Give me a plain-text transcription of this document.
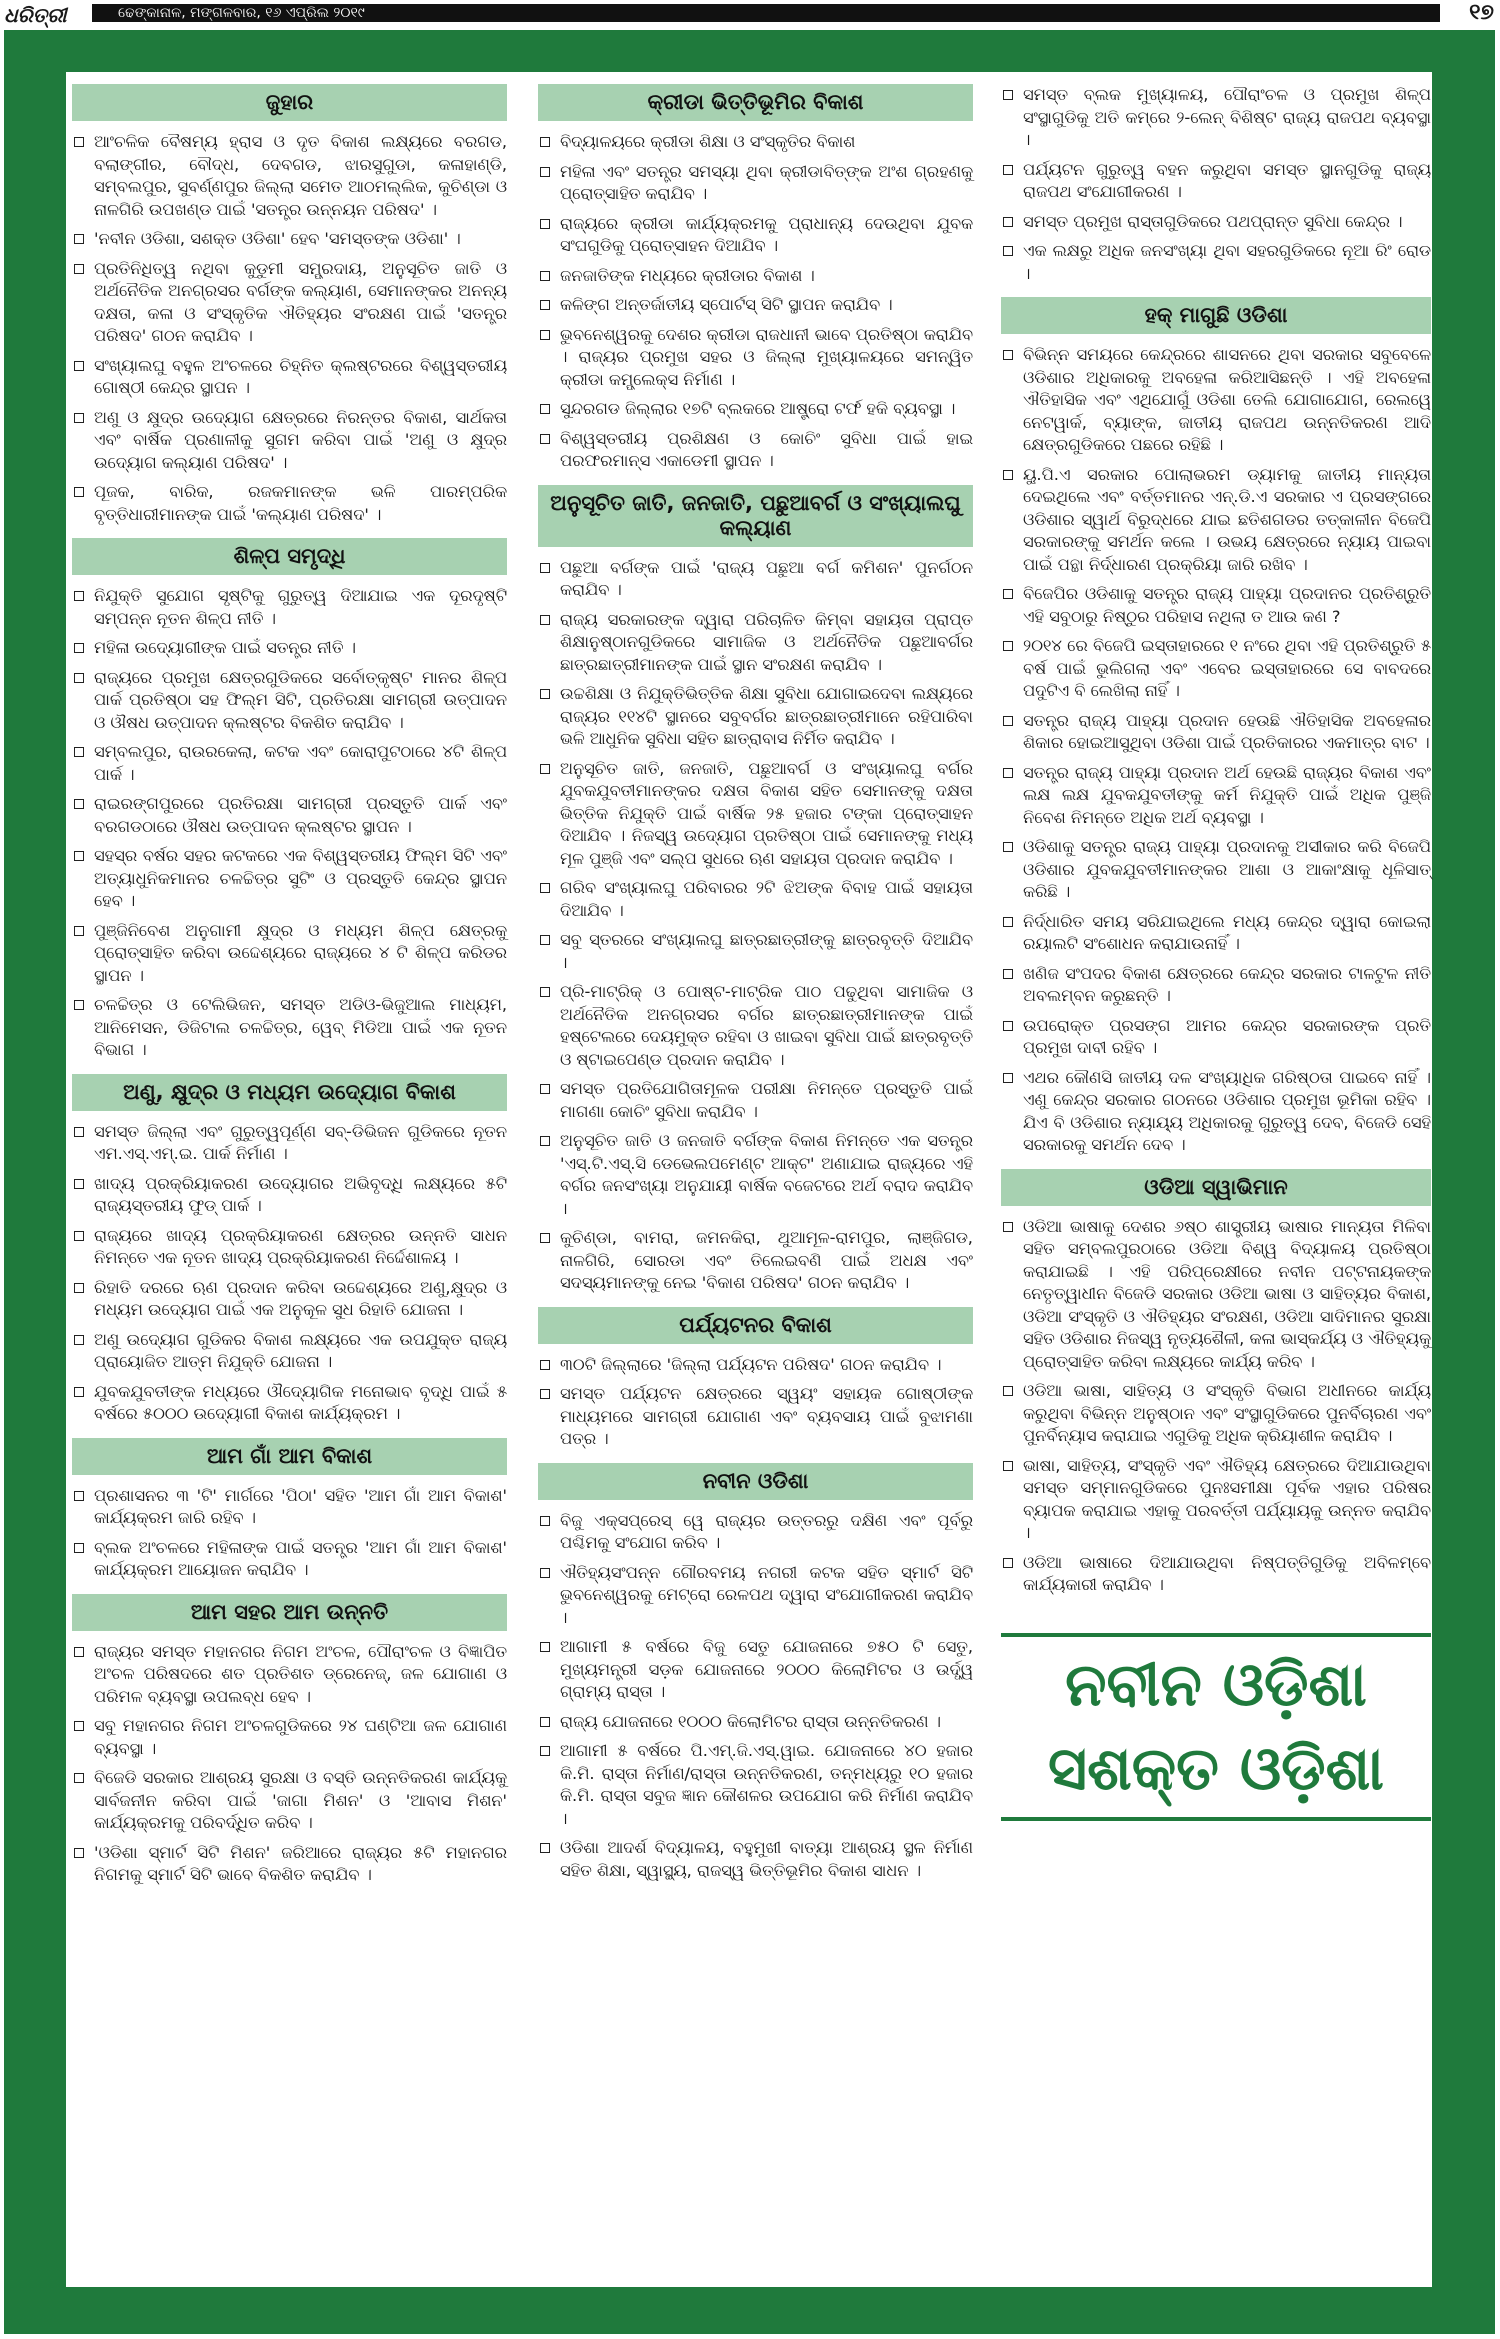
ଧରିତ୍ରୀ	ଢେଙ୍କାନାଳ, ମଙ୍ଗଳବାର, ୧୬ ଏପ୍ରିଲ ୨୦୧୯	୧୭
ଜୁହାର
ଆଂଚଳିକ ବୈଷମ୍ୟ ହ୍ରାସ ଓ ଦୃତ ବିକାଶ ଲକ୍ଷ୍ୟରେ ବରଗଡ, ବଲାଙ୍ଗୀର, ବୌଦ୍ଧ, ଦେବଗଡ, ଝାରସୁଗୁଡା, କଳାହାଣ୍ଡି, ସମ୍ବଲପୁର, ସୁବର୍ଣ୍ଣପୁର ଜିଲ୍ଲା ସମେତ ଆଠମଲ୍ଲିକ, କୁଚିଣ୍ଡା ଓ ନାଳଗିରି ଉପଖଣ୍ଡ ପାଇଁ 'ସତନ୍ତ୍ର ଉନ୍ନୟନ ପରିଷଦ' ।
'ନବୀନ ଓଡିଶା, ସଶକ୍ତ ଓଡିଶା' ହେବ 'ସମସ୍ତଙ୍କ ଓଡିଶା' ।
ପ୍ରତିନିଧିତ୍ୱ ନଥିବା କୁଡୁମୀ ସମ୍ପ୍ରଦାୟ, ଅନୁସୂଚିତ ଜାତି ଓ ଅର୍ଥନୈତିକ ଅନଗ୍ରସର ବର୍ଗଙ୍କ କଲ୍ୟାଣ, ସେମାନଙ୍କର ଅନନ୍ୟ ଦକ୍ଷତା, କଳା ଓ ସଂସ୍କୃତିକ ଐତିହ୍ୟର ସଂରକ୍ଷଣ ପାଇଁ 'ସତନ୍ତ୍ର ପରିଷଦ' ଗଠନ କରାଯିବ ।
ସଂଖ୍ୟାଲଘୁ ବହୁଳ ଅଂଚଳରେ ଚିହ୍ନିତ କ୍ଲଷ୍ଟରରେ ବିଶ୍ୱସ୍ତରୀୟ ଗୋଷ୍ଠୀ କେନ୍ଦ୍ର ସ୍ଥାପନ ।
ଅଣୁ ଓ କ୍ଷୁଦ୍ର ଉଦ୍ୟୋଗ କ୍ଷେତ୍ରରେ ନିରନ୍ତର ବିକାଶ, ସାର୍ଥକତା ଏବଂ ବାର୍ଷିକ ପ୍ରଣାଳୀକୁ ସୁଗମ କରିବା ପାଇଁ 'ଅଣୁ ଓ କ୍ଷୁଦ୍ର ଉଦ୍ୟୋଗ କଲ୍ୟାଣ ପରିଷଦ' ।
ପୂଜକ, ବାରିକ, ରଜକମାନଙ୍କ ଭଳି ପାରମ୍ପରିକ ବୃତ୍ତିଧାରୀମାନଙ୍କ ପାଇଁ 'କଲ୍ୟାଣ ପରିଷଦ' ।
ଶିଳ୍ପ ସମୃଦ୍ଧି
ନିଯୁକ୍ତି ସୁଯୋଗ ସୃଷ୍ଟିକୁ ଗୁରୁତ୍ୱ ଦିଆଯାଇ ଏକ ଦୂରଦୃଷ୍ଟି ସମ୍ପନ୍ନ ନୂତନ ଶିଳ୍ପ ନୀତି ।
ମହିଳା ଉଦ୍ୟୋଗୀଙ୍କ ପାଇଁ ସତନ୍ତ୍ର ନୀତି ।
ରାଜ୍ୟରେ ପ୍ରମୁଖ କ୍ଷେତ୍ରଗୁଡିକରେ ସର୍ବୋତ୍କୃଷ୍ଟ ମାନର ଶିଳ୍ପ ପାର୍କ ପ୍ରତିଷ୍ଠା ସହ ଫିଲ୍ମ ସିଟି, ପ୍ରତିରକ୍ଷା ସାମଗ୍ରୀ ଉତ୍ପାଦନ ଓ ଔଷଧ ଉତ୍ପାଦନ କ୍ଲଷ୍ଟର ବିକଶିତ କରାଯିବ ।
ସମ୍ବଲପୁର, ରାଉରକେଲା, କଟକ ଏବଂ କୋରାପୁଟଠାରେ ୪ଟି ଶିଳ୍ପ ପାର୍କ ।
ରାଇରଙ୍ଗପୁରରେ ପ୍ରତିରକ୍ଷା ସାମଗ୍ରୀ ପ୍ରସ୍ତୁତି ପାର୍କ ଏବଂ ବରଗଡଠାରେ ଔଷଧ ଉତ୍ପାଦନ କ୍ଲଷ୍ଟର ସ୍ଥାପନ ।
ସହସ୍ର ବର୍ଷର ସହର କଟକରେ ଏକ ବିଶ୍ୱସ୍ତରୀୟ ଫିଲ୍ମ ସିଟି ଏବଂ ଅତ୍ୟାଧୁନିକମାନର ଚଳଚ୍ଚିତ୍ର ସୁଟିଂ ଓ ପ୍ରସ୍ତୁତି କେନ୍ଦ୍ର ସ୍ଥାପନ ହେବ ।
ପୁଞ୍ଜିନିବେଶ ଅନୁଗାମୀ କ୍ଷୁଦ୍ର ଓ ମଧ୍ୟମ ଶିଳ୍ପ କ୍ଷେତ୍ରକୁ ପ୍ରୋତ୍ସାହିତ କରିବା ଉଦ୍ଦେଶ୍ୟରେ ରାଜ୍ୟରେ ୪ ଟି ଶିଳ୍ପ କରିଡର ସ୍ଥାପନ ।
ଚଳଚ୍ଚିତ୍ର ଓ ଟେଲିଭିଜନ, ସମସ୍ତ ଅଡିଓ-ଭିଜୁଆଲ ମାଧ୍ୟମ, ଆନିମେସନ, ଡିଜିଟାଲ ଚଳଚ୍ଚିତ୍ର, ୱେବ୍ ମିଡିଆ ପାଇଁ ଏକ ନୂତନ ବିଭାଗ ।
ଅଣୁ, କ୍ଷୁଦ୍ର ଓ ମଧ୍ୟମ ଉଦ୍ୟୋଗ ବିକାଶ
ସମସ୍ତ ଜିଲ୍ଲା ଏବଂ ଗୁରୁତ୍ୱପୂର୍ଣ୍ଣ ସବ୍-ଡିଭିଜନ ଗୁଡିକରେ ନୂତନ ଏମ.ଏସ୍.ଏମ୍.ଇ. ପାର୍କ ନିର୍ମାଣ ।
ଖାଦ୍ୟ ପ୍ରକ୍ରିୟାକରଣ ଉଦ୍ୟୋଗର ଅଭିବୃଦ୍ଧି ଲକ୍ଷ୍ୟରେ ୫ଟି ରାଜ୍ୟସ୍ତରୀୟ ଫୁଡ୍ ପାର୍କ ।
ରାଜ୍ୟରେ ଖାଦ୍ୟ ପ୍ରକ୍ରିୟାକରଣ କ୍ଷେତ୍ରର ଉନ୍ନତି ସାଧନ ନିମନ୍ତେ ଏକ ନୂତନ ଖାଦ୍ୟ ପ୍ରକ୍ରିୟାକରଣ ନିର୍ଦ୍ଦେଶାଳୟ ।
ରିହାତି ଦରରେ ଋଣ ପ୍ରଦାନ କରିବା ଉଦ୍ଦେଶ୍ୟରେ ଅଣୁ,କ୍ଷୁଦ୍ର ଓ ମଧ୍ୟମ ଉଦ୍ୟୋଗ ପାଇଁ ଏକ ଅନୁକୂଳ ସୁଧ ରିହାତି ଯୋଜନା ।
ଅଣୁ ଉଦ୍ୟୋଗ ଗୁଡିକର ବିକାଶ ଲକ୍ଷ୍ୟରେ ଏକ ଉପଯୁକ୍ତ ରାଜ୍ୟ ପ୍ରାୟୋଜିତ ଆତ୍ମ ନିଯୁକ୍ତି ଯୋଜନା ।
ଯୁବକଯୁବତୀଙ୍କ ମଧ୍ୟରେ ଔଦ୍ୟୋଗିକ ମନୋଭାବ ବୃଦ୍ଧି ପାଇଁ ୫ ବର୍ଷରେ ୫୦୦୦ ଉଦ୍ୟୋଗୀ ବିକାଶ କାର୍ଯ୍ୟକ୍ରମ ।
ଆମ ଗାଁ ଆମ ବିକାଶ
ପ୍ରଶାସନର ୩ 'ଟି' ମାର୍ଗରେ 'ପିଠା' ସହିତ 'ଆମ ଗାଁ ଆମ ବିକାଶ' କାର୍ଯ୍ୟକ୍ରମ ଜାରି ରହିବ ।
ବ୍ଲକ ଅଂଚଳରେ ମହିଳାଙ୍କ ପାଇଁ ସତନ୍ତ୍ର 'ଆମ ଗାଁ ଆମ ବିକାଶ' କାର୍ଯ୍ୟକ୍ରମ ଆୟୋଜନ କରାଯିବ ।
ଆମ ସହର ଆମ ଉନ୍ନତି
ରାଜ୍ୟର ସମସ୍ତ ମହାନଗର ନିଗମ ଅଂଚଳ, ପୌରାଂଚଳ ଓ ବିଜ୍ଞାପିତ ଅଂଚଳ ପରିଷଦରେ ଶତ ପ୍ରତିଶତ ଡ୍ରେନେଜ୍, ଜଳ ଯୋଗାଣ ଓ ପରିମଳ ବ୍ୟବସ୍ଥା ଉପଲବ୍ଧ ହେବ ।
ସବୁ ମହାନଗର ନିଗମ ଅଂଚଳଗୁଡିକରେ ୨୪ ଘଣ୍ଟିଆ ଜଳ ଯୋଗାଣ ବ୍ୟବସ୍ଥା ।
ବିଜେଡି ସରକାର ଆଶ୍ରୟ ସୁରକ୍ଷା ଓ ବସ୍ତି ଉନ୍ନତିକରଣ କାର୍ଯ୍ୟକୁ ସାର୍ବଜନୀନ କରିବା ପାଇଁ 'ଜାଗା ମିଶନ' ଓ 'ଆବାସ ମିଶନ' କାର୍ଯ୍ୟକ୍ରମକୁ ପରିବର୍ଦ୍ଧିତ କରିବ ।
'ଓଡିଶା ସ୍ମାର୍ଟ ସିଟି ମିଶନ' ଜରିଆରେ ରାଜ୍ୟର ୫ଟି ମହାନଗର ନିଗମକୁ ସ୍ମାର୍ଟ ସିଟି ଭାବେ ବିକଶିତ କରାଯିବ ।
କ୍ରୀଡା ଭିତ୍ତିଭୂମିର ବିକାଶ
ବିଦ୍ୟାଳୟରେ କ୍ରୀଡା ଶିକ୍ଷା ଓ ସଂସ୍କୃତିର ବିକାଶ
ମହିଳା ଏବଂ ସତନ୍ତ୍ର ସମସ୍ୟା ଥିବା କ୍ରୀଡାବିତ୍‌ଙ୍କ ଅଂଶ ଗ୍ରହଣକୁ ପ୍ରୋତ୍ସାହିତ କରାଯିବ ।
ରାଜ୍ୟରେ କ୍ରୀଡା କାର୍ଯ୍ୟକ୍ରମକୁ ପ୍ରାଧାନ୍ୟ ଦେଉଥିବା ଯୁବକ ସଂଘଗୁଡିକୁ ପ୍ରୋତ୍ସାହନ ଦିଆଯିବ ।
ଜନଜାତିଙ୍କ ମଧ୍ୟରେ କ୍ରୀଡାର ବିକାଶ ।
କଳିଙ୍ଗ ଅନ୍ତର୍ଜାତୀୟ ସ୍ପୋର୍ଟସ୍ ସିଟି ସ୍ଥାପନ କରାଯିବ ।
ଭୁବନେଶ୍ୱରକୁ ଦେଶର କ୍ରୀଡା ରାଜଧାନୀ ଭାବେ ପ୍ରତିଷ୍ଠା କରାଯିବ । ରାଜ୍ୟର ପ୍ରମୁଖ ସହର ଓ ଜିଲ୍ଲା ମୁଖ୍ୟାଳୟରେ ସମନ୍ୱିତ କ୍ରୀଡା କମ୍ପ୍ଲେକ୍ସ ନିର୍ମାଣ ।
ସୁନ୍ଦରଗଡ ଜିଲ୍ଲାର ୧୭ଟି ବ୍ଲକରେ ଆଷ୍ଟ୍ରୋ ଟର୍ଫ ହକି ବ୍ୟବସ୍ଥା ।
ବିଶ୍ୱସ୍ତରୀୟ ପ୍ରଶିକ୍ଷଣ ଓ କୋଚିଂ ସୁବିଧା ପାଇଁ ହାଇ ପରଫରମାନ୍ସ ଏକାଡେମୀ ସ୍ଥାପନ ।
ଅନୁସୂଚିତ ଜାତି, ଜନଜାତି, ପଛୁଆବର୍ଗ ଓ ସଂଖ୍ୟାଲଘୁ କଲ୍ୟାଣ
ପଛୁଆ ବର୍ଗଙ୍କ ପାଇଁ 'ରାଜ୍ୟ ପଛୁଆ ବର୍ଗ କମିଶନ' ପୁନର୍ଗଠନ କରାଯିବ ।
ରାଜ୍ୟ ସରକାରଙ୍କ ଦ୍ୱାରା ପରିଚାଳିତ କିମ୍ବା ସହାୟତା ପ୍ରାପ୍ତ ଶିକ୍ଷାନୁଷ୍ଠାନଗୁଡିକରେ ସାମାଜିକ ଓ ଅର୍ଥନୈତିକ ପଛୁଆବର୍ଗର ଛାତ୍ରଛାତ୍ରୀମାନଙ୍କ ପାଇଁ ସ୍ଥାନ ସଂରକ୍ଷଣ କରାଯିବ ।
ଉଚ୍ଚଶିକ୍ଷା ଓ ନିଯୁକ୍ତିଭିତ୍ତିକ ଶିକ୍ଷା ସୁବିଧା ଯୋଗାଇଦେବା ଲକ୍ଷ୍ୟରେ ରାଜ୍ୟର ୧୧୪ଟି ସ୍ଥାନରେ ସବୁବର୍ଗର ଛାତ୍ରଛାତ୍ରୀମାନେ ରହିପାରିବା ଭଳି ଆଧୁନିକ ସୁବିଧା ସହିତ ଛାତ୍ରାବାସ ନିର୍ମିତ କରାଯିବ ।
ଅନୁସୂଚିତ ଜାତି, ଜନଜାତି, ପଛୁଆବର୍ଗ ଓ ସଂଖ୍ୟାଲଘୁ ବର୍ଗର ଯୁବକଯୁବତୀମାନଙ୍କର ଦକ୍ଷତା ବିକାଶ ସହିତ ସେମାନଙ୍କୁ ଦକ୍ଷତା ଭିତ୍ତିକ ନିଯୁକ୍ତି ପାଇଁ ବାର୍ଷିକ ୨୫ ହଜାର ଟଙ୍କା ପ୍ରୋତ୍ସାହନ ଦିଆଯିବ । ନିଜସ୍ୱ ଉଦ୍ୟୋଗ ପ୍ରତିଷ୍ଠା ପାଇଁ ସେମାନଙ୍କୁ ମଧ୍ୟ ମୂଳ ପୁଞ୍ଜି ଏବଂ ସଲ୍ପ ସୁଧରେ ଋଣ ସହାୟତା ପ୍ରଦାନ କରାଯିବ ।
ଗରିବ ସଂଖ୍ୟାଲଘୁ ପରିବାରର ୨ଟି ଝିଅଙ୍କ ବିବାହ ପାଇଁ ସହାୟତା ଦିଆଯିବ ।
ସବୁ ସ୍ତରରେ ସଂଖ୍ୟାଲଘୁ ଛାତ୍ରଛାତ୍ରୀଙ୍କୁ ଛାତ୍ରବୃତ୍ତି ଦିଆଯିବ ।
ପ୍ରି-ମାଟ୍ରିକ୍ ଓ ପୋଷ୍ଟ-ମାଟ୍ରିକ ପାଠ ପଢୁଥିବା ସାମାଜିକ ଓ ଅର୍ଥନୈତିକ ଅନଗ୍ରସର ବର୍ଗର ଛାତ୍ରଛାତ୍ରୀମାନଙ୍କ ପାଇଁ ହଷ୍ଟେଲରେ ଦେୟମୁକ୍ତ ରହିବା ଓ ଖାଇବା ସୁବିଧା ପାଇଁ ଛାତ୍ରବୃତ୍ତି ଓ ଷ୍ଟାଇପେଣ୍ଡ ପ୍ରଦାନ କରାଯିବ ।
ସମସ୍ତ ପ୍ରତିଯୋଗିତାମୂଳକ ପରୀକ୍ଷା ନିମନ୍ତେ ପ୍ରସ୍ତୁତି ପାଇଁ ମାଗଣା କୋଚିଂ ସୁବିଧା କରାଯିବ ।
ଅନୁସୂଚିତ ଜାତି ଓ ଜନଜାତି ବର୍ଗଙ୍କ ବିକାଶ ନିମନ୍ତେ ଏକ ସତନ୍ତ୍ର 'ଏସ୍.ଟି.ଏସ୍.ସି ଡେଭେଲପମେଣ୍ଟ ଆକ୍ଟ' ଅଣାଯାଇ ରାଜ୍ୟରେ ଏହି ବର୍ଗର ଜନସଂଖ୍ୟା ଅନୁଯାୟୀ ବାର୍ଷିକ ବଜେଟରେ ଅର୍ଥ ବରାଦ କରାଯିବ ।
କୁଚିଣ୍ଡା, ବାମରା, ଜମନକିରା, ଥୁଆମୂଳ-ରାମପୁର, ଲାଞ୍ଜିଗଡ, ନାଳଗିରି, ସୋରଡା ଏବଂ ତିଲେଇବଣି ପାଇଁ ଅଧକ୍ଷ ଏବଂ ସଦସ୍ୟମାନଙ୍କୁ ନେଇ 'ବିକାଶ ପରିଷଦ' ଗଠନ କରାଯିବ ।
ପର୍ଯ୍ୟଟନର ବିକାଶ
୩୦ଟି ଜିଲ୍ଲାରେ 'ଜିଲ୍ଲା ପର୍ଯ୍ୟଟନ ପରିଷଦ' ଗଠନ କରାଯିବ ।
ସମସ୍ତ ପର୍ଯ୍ୟଟନ କ୍ଷେତ୍ରରେ ସ୍ୱୟଂ ସହାୟକ ଗୋଷ୍ଠୀଙ୍କ ମାଧ୍ୟମରେ ସାମଗ୍ରୀ ଯୋଗାଣ ଏବଂ ବ୍ୟବସାୟ ପାଇଁ ବୁଝାମଣା ପତ୍ର ।
ନବୀନ ଓଡିଶା
ବିଜୁ ଏକ୍ସପ୍ରେସ୍ ୱେ ରାଜ୍ୟର ଉତ୍ତରରୁ ଦକ୍ଷିଣ ଏବଂ ପୂର୍ବରୁ ପଶ୍ଚିମକୁ ସଂଯୋଗ କରିବ ।
ଐତିହ୍ୟସଂପନ୍ନ ଗୌରବମୟ ନଗରୀ କଟକ ସହିତ ସ୍ମାର୍ଟ ସିଟି ଭୁବନେଶ୍ୱରକୁ ମେଟ୍ରୋ ରେଳପଥ ଦ୍ୱାରା ସଂଯୋଗୀକରଣ କରାଯିବ ।
ଆଗାମୀ ୫ ବର୍ଷରେ ବିଜୁ ସେତୁ ଯୋଜନାରେ ୭୫୦ ଟି ସେତୁ, ମୁଖ୍ୟମନ୍ତ୍ରୀ ସଡ଼କ ଯୋଜନାରେ ୨୦୦୦ କିଲୋମିଟର ଓ ଉର୍ଦ୍ଧ୍ୱ ଗ୍ରାମ୍ୟ ରାସ୍ତା ।
ରାଜ୍ୟ ଯୋଜନାରେ ୧୦୦୦ କିଲୋମିଟର ରାସ୍ତା ଉନ୍ନତିକରଣ ।
ଆଗାମୀ ୫ ବର୍ଷରେ ପି.ଏମ୍.ଜି.ଏସ୍.ୱାଇ. ଯୋଜନାରେ ୪୦ ହଜାର କି.ମି. ରାସ୍ତା ନିର୍ମାଣ/ରାସ୍ତା ଉନ୍ନତିକରଣ, ତନ୍ମଧ୍ୟରୁ ୧୦ ହଜାର କି.ମି. ରାସ୍ତା ସବୁଜ ଜ୍ଞାନ କୌଶଳର ଉପଯୋଗ କରି ନିର୍ମାଣ କରାଯିବ ।
ଓଡିଶା ଆଦର୍ଶ ବିଦ୍ୟାଳୟ, ବହୁମୁଖୀ ବାତ୍ୟା ଆଶ୍ରୟ ସ୍ଥଳ ନିର୍ମାଣ ସହିତ ଶିକ୍ଷା, ସ୍ୱାସ୍ଥ୍ୟ, ରାଜସ୍ୱ ଭିତ୍ତିଭୂମିର ବିକାଶ ସାଧନ ।
ସମସ୍ତ ବ୍ଲକ ମୁଖ୍ୟାଳୟ, ପୌରାଂଚଳ ଓ ପ୍ରମୁଖ ଶିଳ୍ପ ସଂସ୍ଥାଗୁଡିକୁ ଅତି କମ୍‌ରେ ୨-ଲେନ୍ ବିଶିଷ୍ଟ ରାଜ୍ୟ ରାଜପଥ ବ୍ୟବସ୍ଥା ।
ପର୍ଯ୍ୟଟନ ଗୁରୁତ୍ୱ ବହନ କରୁଥିବା ସମସ୍ତ ସ୍ଥାନଗୁଡିକୁ ରାଜ୍ୟ ରାଜପଥ ସଂଯୋଗୀକରଣ ।
ସମସ୍ତ ପ୍ରମୁଖ ରାସ୍ତାଗୁଡିକରେ ପଥପ୍ରାନ୍ତ ସୁବିଧା କେନ୍ଦ୍ର ।
ଏକ ଲକ୍ଷରୁ ଅଧିକ ଜନସଂଖ୍ୟା ଥିବା ସହରଗୁଡିକରେ ନୂଆ ରିଂ ରୋଡ ।
ହକ୍ ମାଗୁଛି ଓଡିଶା
ବିଭିନ୍ନ ସମୟରେ କେନ୍ଦ୍ରରେ ଶାସନରେ ଥିବା ସରକାର ସବୁବେଳେ ଓଡିଶାର ଅଧିକାରକୁ ଅବହେଳା କରିଆସିଛନ୍ତି । ଏହି ଅବହେଳା ଐତିହାସିକ ଏବଂ ଏଥିଯୋଗୁଁ ଓଡିଶା ତେଲି ଯୋଗାଯୋଗ, ରେଲୱେ ନେଟୱାର୍କ, ବ୍ୟାଙ୍କ, ଜାତୀୟ ରାଜପଥ ଉନ୍ନତିକରଣ ଆଦି କ୍ଷେତ୍ରଗୁଡିକରେ ପଛରେ ରହିଛି ।
ୟୁ.ପି.ଏ ସରକାର ପୋଲାଭରମ ଡ୍ୟାମକୁ ଜାତୀୟ ମାନ୍ୟତା ଦେଇଥିଲେ ଏବଂ ବର୍ତ୍ତମାନର ଏନ୍.ଡି.ଏ ସରକାର ଏ ପ୍ରସଙ୍ଗରେ ଓଡିଶାର ସ୍ୱାର୍ଥ ବିରୁଦ୍ଧରେ ଯାଇ ଛତିଶଗଡର ତତ୍କାଳୀନ ବିଜେପି ସରକାରଙ୍କୁ ସମର୍ଥନ କଲେ । ଉଭୟ କ୍ଷେତ୍ରରେ ନ୍ୟାୟ ପାଇବା ପାଇଁ ପନ୍ଥା ନିର୍ଦ୍ଧାରଣ ପ୍ରକ୍ରିୟା ଜାରି ରଖିବ ।
ବିଜେପିର ଓଡିଶାକୁ ସତନ୍ତ୍ର ରାଜ୍ୟ ପାହ୍ୟା ପ୍ରଦାନର ପ୍ରତିଶ୍ରୁତି ଏହି ସବୁଠାରୁ ନିଷ୍ଠୁର ପରିହାସ ନଥିଲା ତ ଆଉ କଣ ?
୨୦୧୪ ରେ ବିଜେପି ଇସ୍ତାହାରରେ ୧ ନଂରେ ଥିବା ଏହି ପ୍ରତିଶ୍ରୁତି ୫ ବର୍ଷ ପାଇଁ ଭୁଲିଗଲା ଏବଂ ଏବେର ଇସ୍ତାହାରରେ ସେ ବାବଦରେ ପଦୁଟିଏ ବି ଲେଖିଲା ନାହିଁ ।
ସତନ୍ତ୍ର ରାଜ୍ୟ ପାହ୍ୟା ପ୍ରଦାନ ହେଉଛି ଐତିହାସିକ ଅବହେଳାର ଶିକାର ହୋଇଆସୁଥିବା ଓଡିଶା ପାଇଁ ପ୍ରତିକାରର ଏକମାତ୍ର ବାଟ ।
ସତନ୍ତ୍ର ରାଜ୍ୟ ପାହ୍ୟା ପ୍ରଦାନ ଅର୍ଥ ହେଉଛି ରାଜ୍ୟର ବିକାଶ ଏବଂ ଲକ୍ଷ ଲକ୍ଷ ଯୁବକଯୁବତୀଙ୍କୁ କର୍ମ ନିଯୁକ୍ତି ପାଇଁ ଅଧିକ ପୁଞ୍ଜି ନିବେଶ ନିମନ୍ତେ ଅଧିକ ଅର୍ଥ ବ୍ୟବସ୍ଥା ।
ଓଡିଶାକୁ ସତନ୍ତ୍ର ରାଜ୍ୟ ପାହ୍ୟା ପ୍ରଦାନକୁ ଅସୀକାର କରି ବିଜେପି ଓଡିଶାର ଯୁବକଯୁବତୀମାନଙ୍କର ଆଶା ଓ ଆକାଂକ୍ଷାକୁ ଧୂଳିସାତ୍ କରିଛି ।
ନିର୍ଦ୍ଧାରିତ ସମୟ ସରିଯାଇଥିଲେ ମଧ୍ୟ କେନ୍ଦ୍ର ଦ୍ୱାରା କୋଇଲା ରୟାଲଟି ସଂଶୋଧନ କରାଯାଉନାହିଁ ।
ଖଣିଜ ସଂପଦର ବିକାଶ କ୍ଷେତ୍ରରେ କେନ୍ଦ୍ର ସରକାର ଟାଳଟୁଳ ନୀତି ଅବଲମ୍ବନ କରୁଛନ୍ତି ।
ଉପରୋକ୍ତ ପ୍ରସଙ୍ଗ ଆମର କେନ୍ଦ୍ର ସରକାରଙ୍କ ପ୍ରତି ପ୍ରମୁଖ ଦାବୀ ରହିବ ।
ଏଥର କୌଣସି ଜାତୀୟ ଦଳ ସଂଖ୍ୟାଧିକ ଗରିଷ୍ଠତା ପାଇବେ ନାହିଁ । ଏଣୁ କେନ୍ଦ୍ର ସରକାର ଗଠନରେ ଓଡିଶାର ପ୍ରମୁଖ ଭୂମିକା ରହିବ । ଯିଏ ବି ଓଡିଶାର ନ୍ୟାୟ୍ୟ ଅଧିକାରକୁ ଗୁରୁତ୍ୱ ଦେବ, ବିଜେଡି ସେହି ସରକାରକୁ ସମର୍ଥନ ଦେବ ।
ଓଡିଆ ସ୍ୱାଭିମାନ
ଓଡିଆ ଭାଷାକୁ ଦେଶର ୬ଷ୍ଠ ଶାସ୍ତ୍ରୀୟ ଭାଷାର ମାନ୍ୟତା ମିଳିବା ସହିତ ସମ୍ବଲପୁରଠାରେ ଓଡିଆ ବିଶ୍ୱ ବିଦ୍ୟାଳୟ ପ୍ରତିଷ୍ଠା କରାଯାଇଛି । ଏହି ପରିପ୍ରେକ୍ଷୀରେ ନବୀନ ପଟ୍ଟନାୟକଙ୍କ ନେତୃତ୍ୱାଧୀନ ବିଜେଡି ସରକାର ଓଡିଆ ଭାଷା ଓ ସାହିତ୍ୟର ବିକାଶ, ଓଡିଆ ସଂସ୍କୃତି ଓ ଐତିହ୍ୟର ସଂରକ୍ଷଣ, ଓଡିଆ ସାଦିମାନର ସୁରକ୍ଷା ସହିତ ଓଡିଶାର ନିଜସ୍ୱ ନୃତ୍ୟଶୈଳୀ, କଳା ଭାସ୍କର୍ଯ୍ୟ ଓ ଐତିହ୍ୟକୁ ପ୍ରୋତ୍ସାହିତ କରିବା ଲକ୍ଷ୍ୟରେ କାର୍ଯ୍ୟ କରିବ ।
ଓଡିଆ ଭାଷା, ସାହିତ୍ୟ ଓ ସଂସ୍କୃତି ବିଭାଗ ଅଧୀନରେ କାର୍ଯ୍ୟ କରୁଥିବା ବିଭିନ୍ନ ଅନୁଷ୍ଠାନ ଏବଂ ସଂସ୍ଥାଗୁଡିକରେ ପୁନର୍ବିଚାରଣ ଏବଂ ପୁନର୍ବିନ୍ୟାସ କରାଯାଇ ଏଗୁଡିକୁ ଅଧିକ କ୍ରିୟାଶୀଳ କରାଯିବ ।
ଭାଷା, ସାହିତ୍ୟ, ସଂସ୍କୃତି ଏବଂ ଐତିହ୍ୟ କ୍ଷେତ୍ରରେ ଦିଆଯାଉଥିବା ସମସ୍ତ ସମ୍ମାନଗୁଡିକରେ ପୁନଃସମୀକ୍ଷା ପୂର୍ବକ ଏହାର ପରିଷର ବ୍ୟାପକ କରାଯାଇ ଏହାକୁ ପରବର୍ତ୍ତୀ ପର୍ଯ୍ୟାୟକୁ ଉନ୍ନତ କରାଯିବ ।
ଓଡିଆ ଭାଷାରେ ଦିଆଯାଉଥିବା ନିଷ୍ପତ୍ତିଗୁଡିକୁ ଅବିଳମ୍ବେ କାର୍ଯ୍ୟକାରୀ କରାଯିବ ।
ନବୀନ ଓଡ଼ିଶା
ସଶକ୍ତ ଓଡ଼ିଶା
